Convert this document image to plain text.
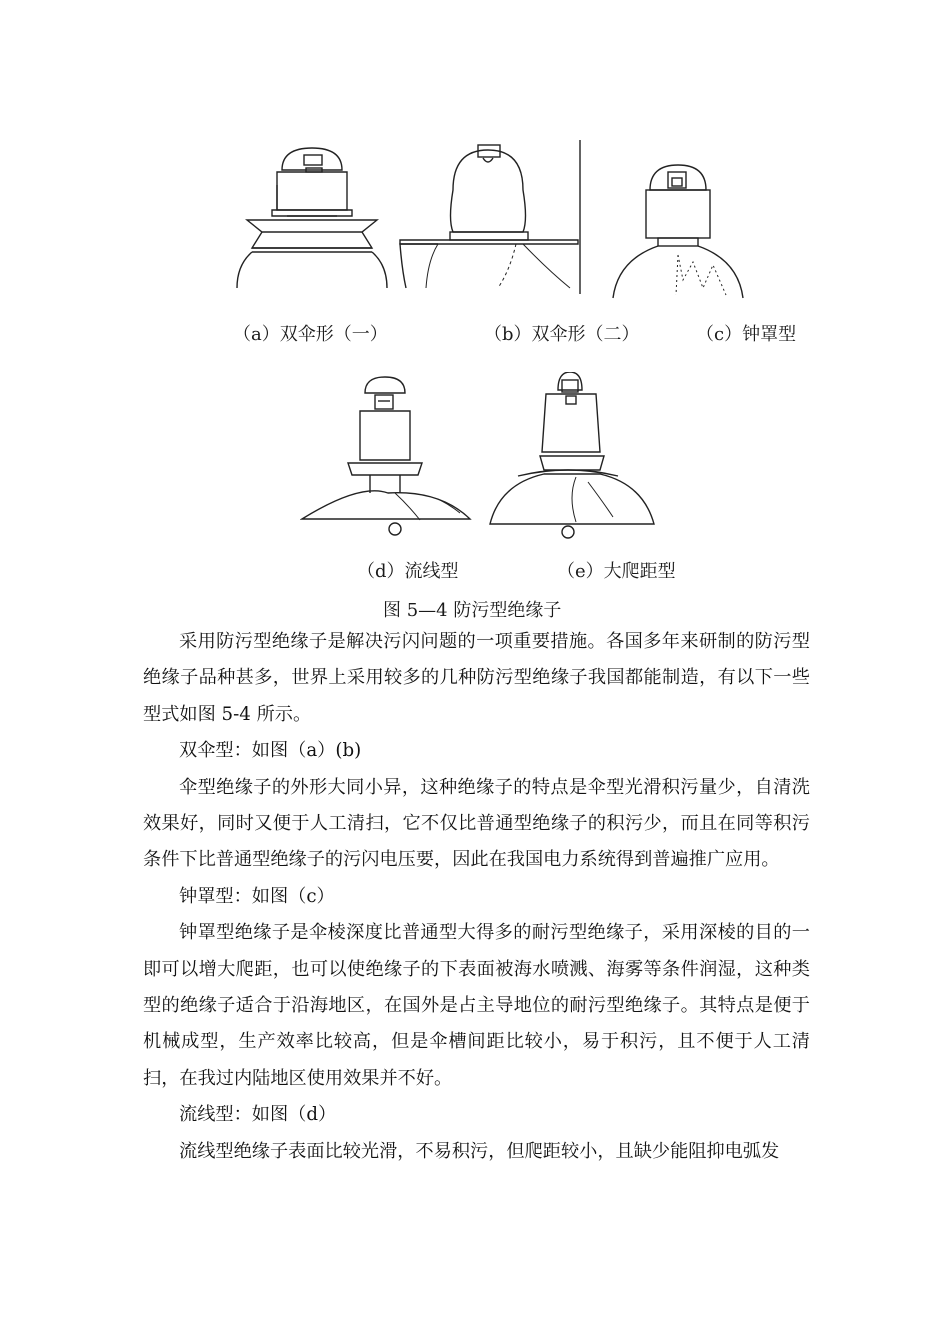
（a）双伞形（一）	（b）双伞形（二）	（c）钟罩型
（d）流线型	（e）大爬距型
图 5—4 防污型绝缘子

采用防污型绝缘子是解决污闪问题的一项重要措施。各国多年来研制的防污型绝缘子品种甚多，世界上采用较多的几种防污型绝缘子我国都能制造，有以下一些型式如图 5-4 所示。

双伞型：如图（a）(b)

伞型绝缘子的外形大同小异，这种绝缘子的特点是伞型光滑积污量少，自清洗效果好，同时又便于人工清扫，它不仅比普通型绝缘子的积污少，而且在同等积污条件下比普通型绝缘子的污闪电压要，因此在我国电力系统得到普遍推广应用。

钟罩型：如图（c）

钟罩型绝缘子是伞棱深度比普通型大得多的耐污型绝缘子，采用深棱的目的一即可以增大爬距，也可以使绝缘子的下表面被海水喷溅、海雾等条件润湿，这种类型的绝缘子适合于沿海地区，在国外是占主导地位的耐污型绝缘子。其特点是便于机械成型，生产效率比较高，但是伞槽间距比较小，易于积污，且不便于人工清扫，在我过内陆地区使用效果并不好。

流线型：如图（d）

流线型绝缘子表面比较光滑，不易积污，但爬距较小，且缺少能阻抑电弧发
